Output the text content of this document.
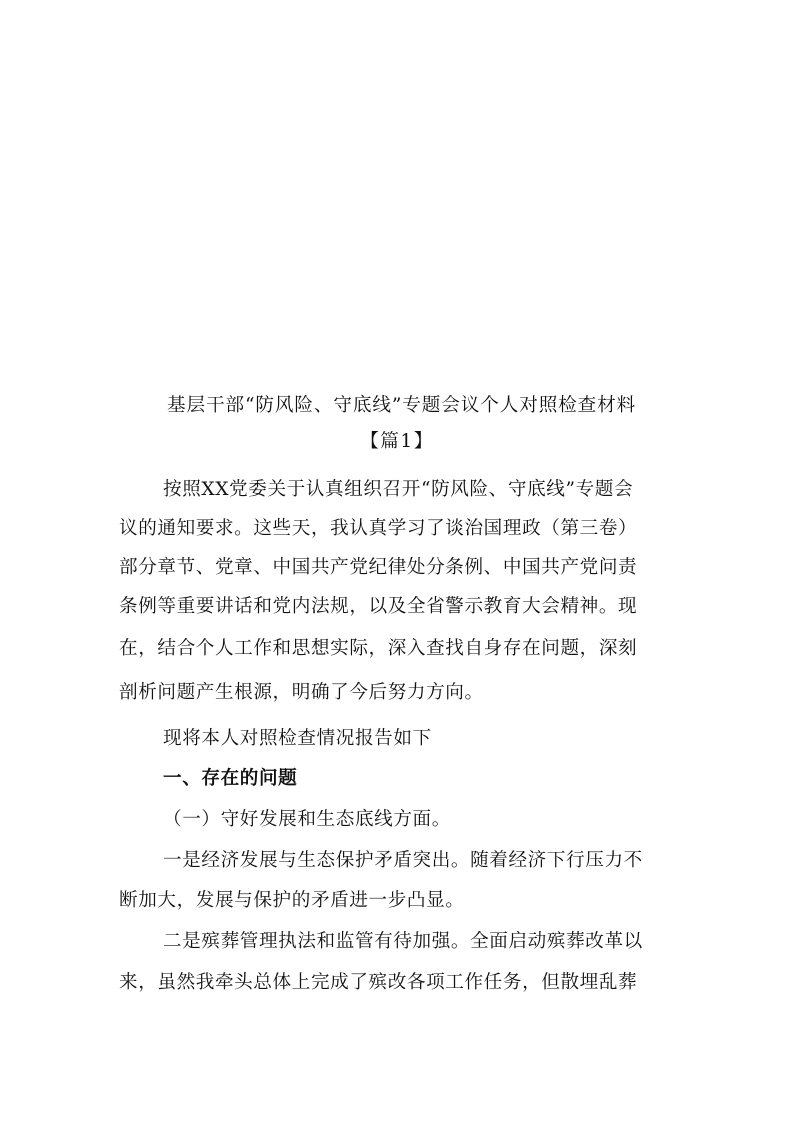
基层干部“防风险、守底线”专题会议个人对照检查材料
【篇1】
按照XX党委关于认真组织召开“防风险、守底线”专题会
议的通知要求。这些天，我认真学习了谈治国理政（第三卷）
部分章节、党章、中国共产党纪律处分条例、中国共产党问责
条例等重要讲话和党内法规，以及全省警示教育大会精神。现
在，结合个人工作和思想实际，深入查找自身存在问题，深刻
剖析问题产生根源，明确了今后努力方向。
现将本人对照检查情况报告如下
一、存在的问题
（一）守好发展和生态底线方面。
一是经济发展与生态保护矛盾突出。随着经济下行压力不
断加大，发展与保护的矛盾进一步凸显。
二是殡葬管理执法和监管有待加强。全面启动殡葬改革以
来，虽然我牵头总体上完成了殡改各项工作任务，但散埋乱葬
